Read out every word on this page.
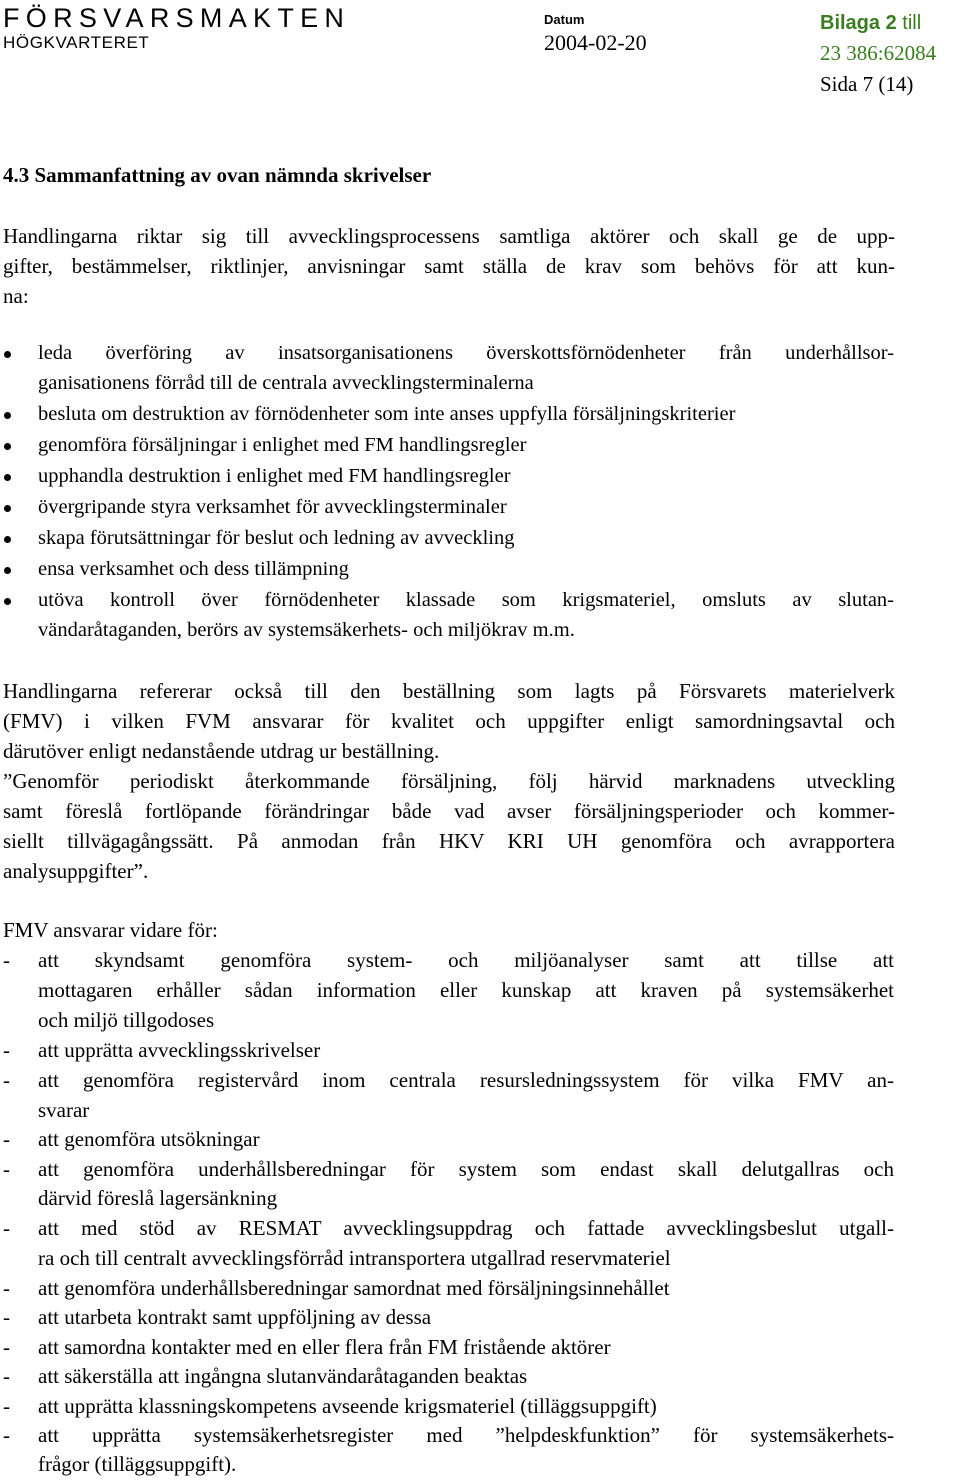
FÖRSVARSMAKTEN
HÖGKVARTERET
Datum
2004-02-20
Bilaga 2 till
23 386:62084
Sida 7 (14)
4.3 Sammanfattning av ovan nämnda skrivelser
Handlingarna riktar sig till avvecklingsprocessens samtliga aktörer och skall ge de upp-
gifter, bestämmelser, riktlinjer, anvisningar samt ställa de krav som behövs för att kun-
na:
leda överföring av insatsorganisationens överskottsförnödenheter från underhållsor-
ganisationens förråd till de centrala avvecklingsterminalerna
besluta om destruktion av förnödenheter som inte anses uppfylla försäljningskriterier
genomföra försäljningar i enlighet med FM handlingsregler
upphandla destruktion i enlighet med FM handlingsregler
övergripande styra verksamhet för avvecklingsterminaler
skapa förutsättningar för beslut och ledning av avveckling
ensa verksamhet och dess tillämpning
utöva kontroll över förnödenheter klassade som krigsmateriel, omsluts av slutan-
vändaråtaganden, berörs av systemsäkerhets- och miljökrav m.m.
Handlingarna refererar också till den beställning som lagts på Försvarets materielverk
(FMV) i vilken FVM ansvarar för kvalitet och uppgifter enligt samordningsavtal och
därutöver enligt nedanstående utdrag ur beställning.
”Genomför periodiskt återkommande försäljning, följ härvid marknadens utveckling
samt föreslå fortlöpande förändringar både vad avser försäljningsperioder och kommer-
siellt tillvägagångssätt. På anmodan från HKV KRI UH genomföra och avrapportera
analysuppgifter”.
FMV ansvarar vidare för:
- att skyndsamt genomföra system- och miljöanalyser samt att tillse att
mottagaren erhåller sådan information eller kunskap att kraven på systemsäkerhet
och miljö tillgodoses
- att upprätta avvecklingsskrivelser
- att genomföra registervård inom centrala resursledningssystem för vilka FMV an-
svarar
- att genomföra utsökningar
- att genomföra underhållsberedningar för system som endast skall delutgallras och
därvid föreslå lagersänkning
- att med stöd av RESMAT avvecklingsuppdrag och fattade avvecklingsbeslut utgall-
ra och till centralt avvecklingsförråd intransportera utgallrad reservmateriel
- att genomföra underhållsberedningar samordnat med försäljningsinnehållet
- att utarbeta kontrakt samt uppföljning av dessa
- att samordna kontakter med en eller flera från FM fristående aktörer
- att säkerställa att ingångna slutanvändaråtaganden beaktas
- att upprätta klassningskompetens avseende krigsmateriel (tilläggsuppgift)
- att upprätta systemsäkerhetsregister med ”helpdeskfunktion” för systemsäkerhets-
frågor (tilläggsuppgift).
